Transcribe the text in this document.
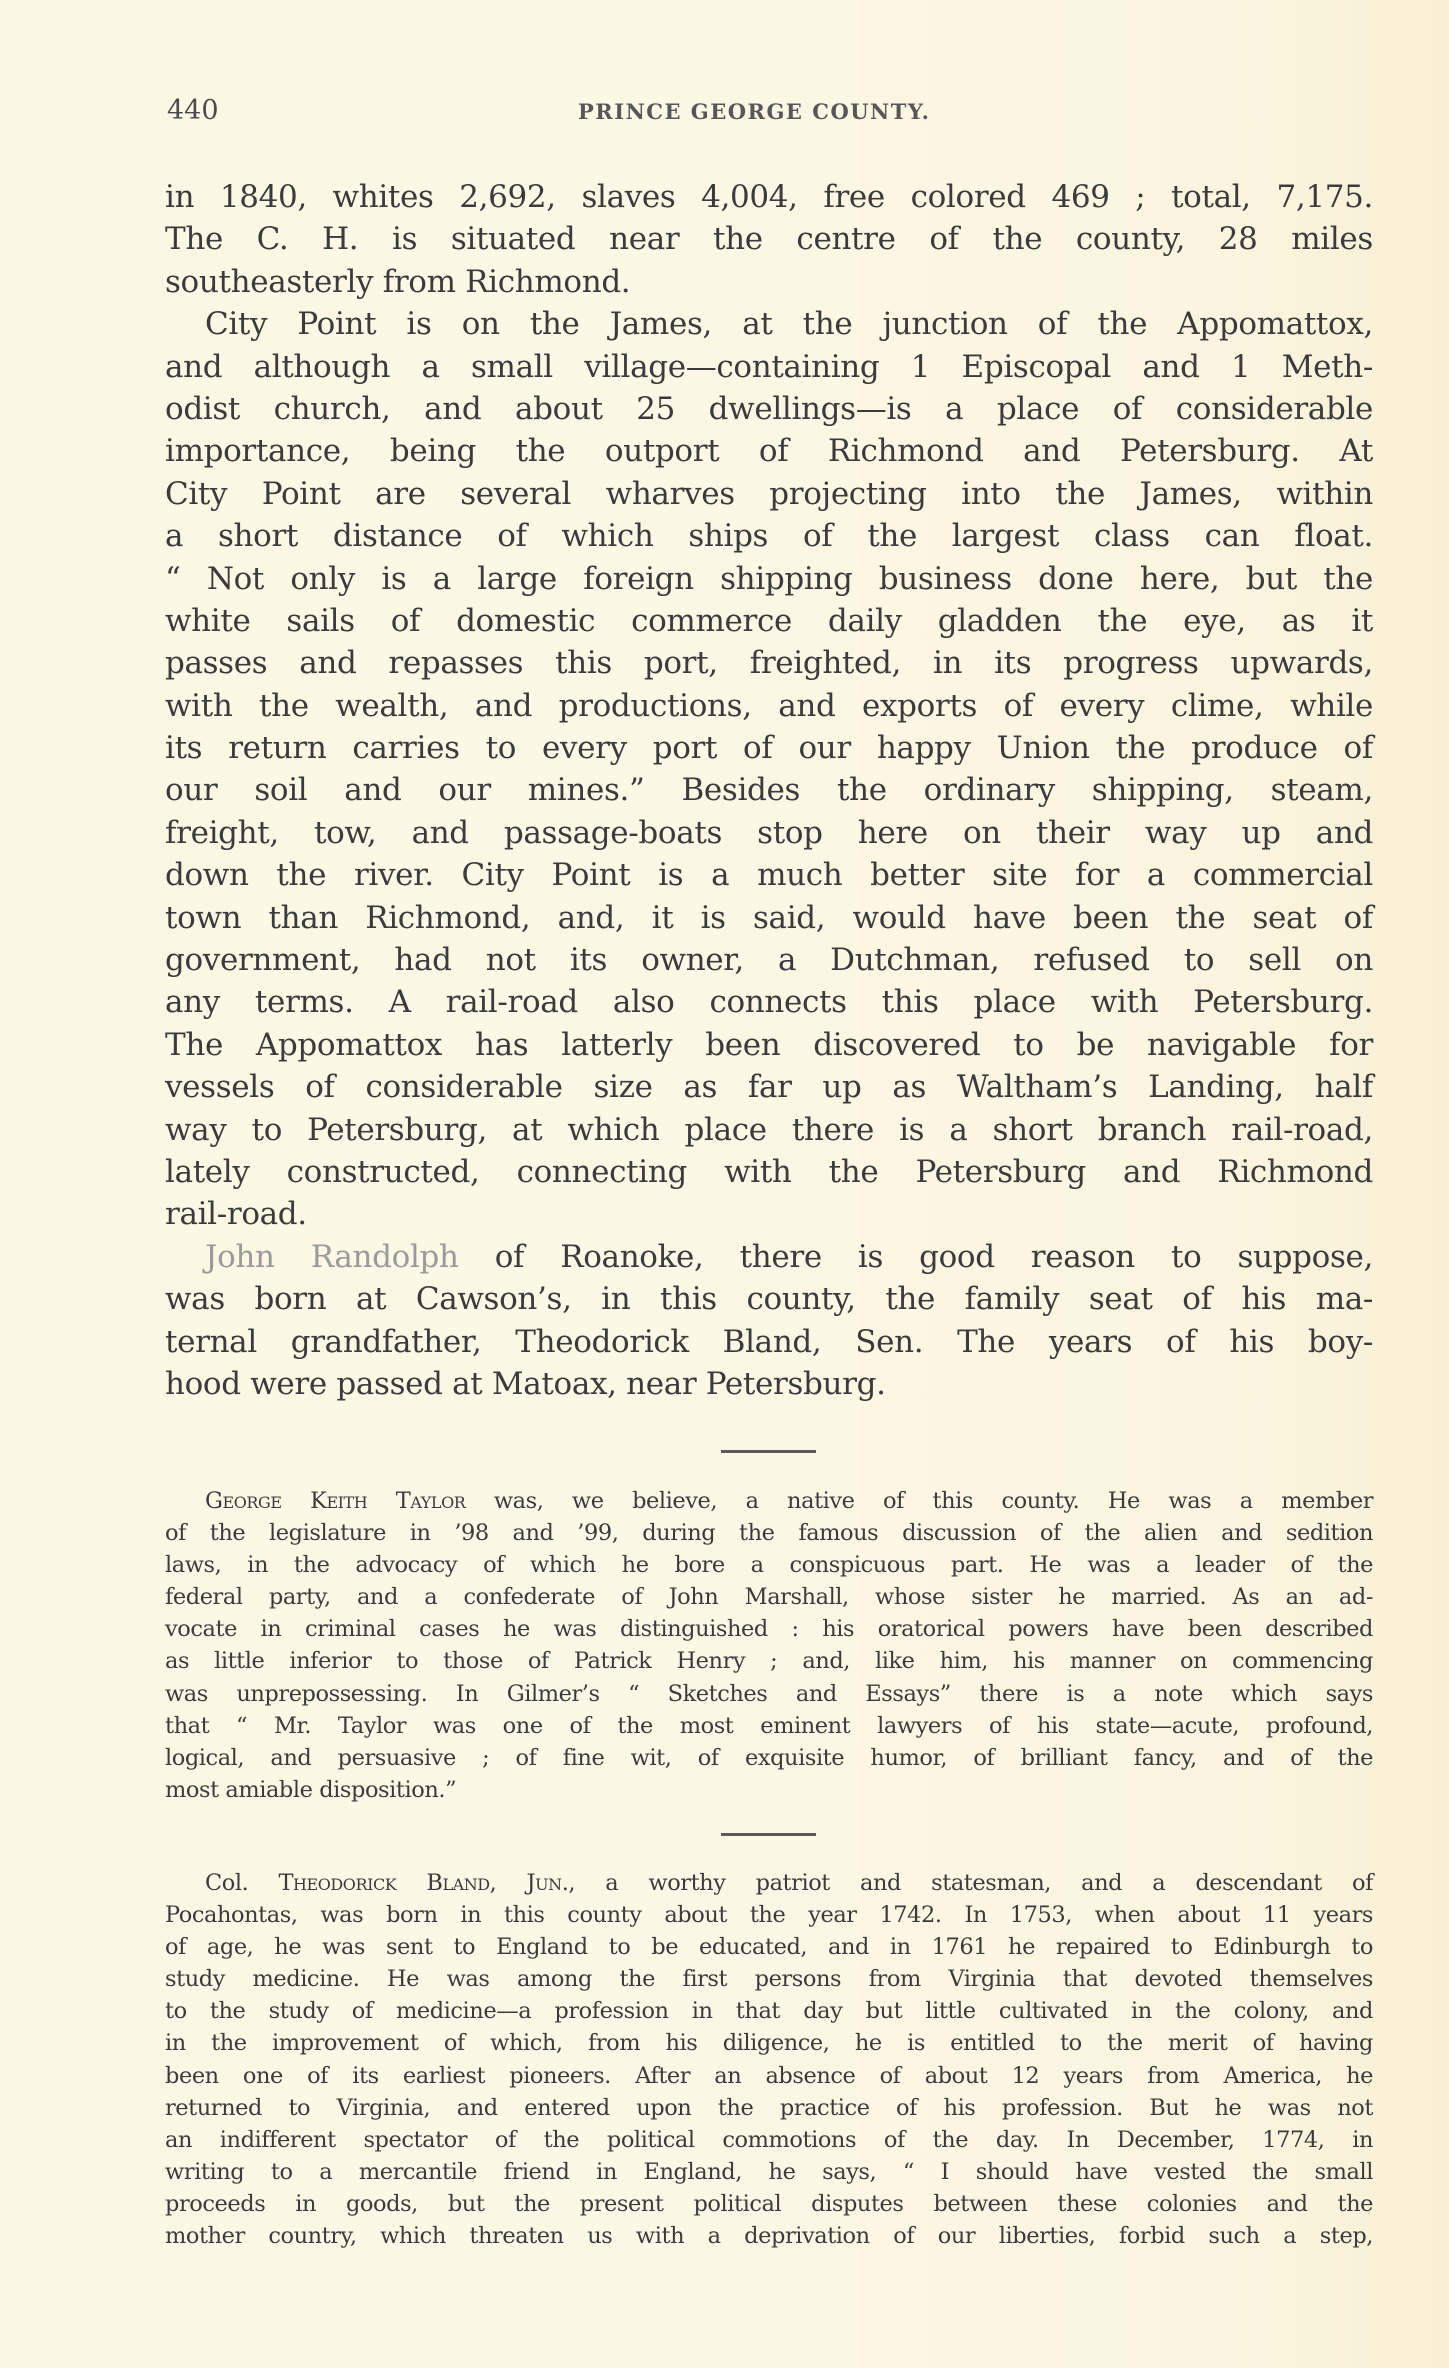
440	PRINCE GEORGE COUNTY.
in 1840, whites 2,692, slaves 4,004, free colored 469 ; total, 7,175.
The C. H. is situated near the centre of the county, 28 miles
southeasterly from Richmond.
City Point is on the James, at the junction of the Appomattox,
and although a small village—containing 1 Episcopal and 1 Meth-
odist church, and about 25 dwellings—is a place of considerable
importance, being the outport of Richmond and Petersburg. At
City Point are several wharves projecting into the James, within
a short distance of which ships of the largest class can float.
“ Not only is a large foreign shipping business done here, but the
white sails of domestic commerce daily gladden the eye, as it
passes and repasses this port, freighted, in its progress upwards,
with the wealth, and productions, and exports of every clime, while
its return carries to every port of our happy Union the produce of
our soil and our mines.” Besides the ordinary shipping, steam,
freight, tow, and passage-boats stop here on their way up and
down the river. City Point is a much better site for a commercial
town than Richmond, and, it is said, would have been the seat of
government, had not its owner, a Dutchman, refused to sell on
any terms. A rail-road also connects this place with Petersburg.
The Appomattox has latterly been discovered to be navigable for
vessels of considerable size as far up as Waltham’s Landing, half
way to Petersburg, at which place there is a short branch rail-road,
lately constructed, connecting with the Petersburg and Richmond
rail-road.
John Randolph of Roanoke, there is good reason to suppose,
was born at Cawson’s, in this county, the family seat of his ma-
ternal grandfather, Theodorick Bland, Sen. The years of his boy-
hood were passed at Matoax, near Petersburg.
George Keith Taylor was, we believe, a native of this county. He was a member
of the legislature in ’98 and ’99, during the famous discussion of the alien and sedition
laws, in the advocacy of which he bore a conspicuous part. He was a leader of the
federal party, and a confederate of John Marshall, whose sister he married. As an ad-
vocate in criminal cases he was distinguished : his oratorical powers have been described
as little inferior to those of Patrick Henry ; and, like him, his manner on commencing
was unprepossessing. In Gilmer’s “ Sketches and Essays” there is a note which says
that “ Mr. Taylor was one of the most eminent lawyers of his state—acute, profound,
logical, and persuasive ; of fine wit, of exquisite humor, of brilliant fancy, and of the
most amiable disposition.”
Col. Theodorick Bland, Jun., a worthy patriot and statesman, and a descendant of
Pocahontas, was born in this county about the year 1742. In 1753, when about 11 years
of age, he was sent to England to be educated, and in 1761 he repaired to Edinburgh to
study medicine. He was among the first persons from Virginia that devoted themselves
to the study of medicine—a profession in that day but little cultivated in the colony, and
in the improvement of which, from his diligence, he is entitled to the merit of having
been one of its earliest pioneers. After an absence of about 12 years from America, he
returned to Virginia, and entered upon the practice of his profession. But he was not
an indifferent spectator of the political commotions of the day. In December, 1774, in
writing to a mercantile friend in England, he says, “ I should have vested the small
proceeds in goods, but the present political disputes between these colonies and the
mother country, which threaten us with a deprivation of our liberties, forbid such a step,
